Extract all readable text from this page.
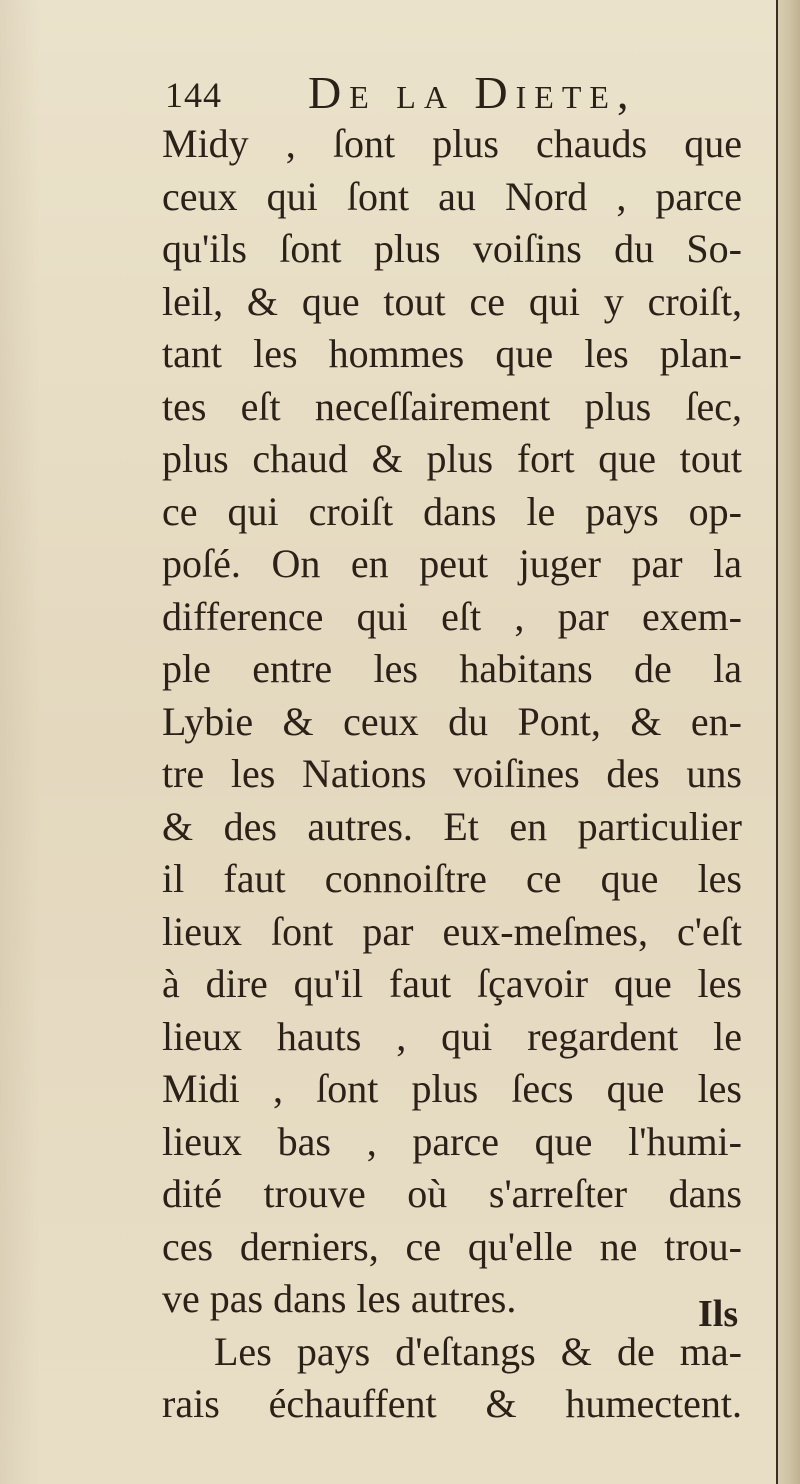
144 De la Diete,
Midy , ſont plus chauds que
ceux qui ſont au Nord , parce
qu'ils ſont plus voiſins du So-
leil, & que tout ce qui y croiſt,
tant les hommes que les plan-
tes eſt neceſſairement plus ſec,
plus chaud & plus fort que tout
ce qui croiſt dans le pays op-
poſé. On en peut juger par la
difference qui eſt , par exem-
ple entre les habitans de la
Lybie & ceux du Pont, & en-
tre les Nations voiſines des uns
& des autres. Et en particulier
il faut connoiſtre ce que les
lieux ſont par eux-meſmes, c'eſt
à dire qu'il faut ſçavoir que les
lieux hauts , qui regardent le
Midi , ſont plus ſecs que les
lieux bas , parce que l'humi-
dité trouve où s'arreſter dans
ces derniers, ce qu'elle ne trou-
ve pas dans les autres.
Les pays d'eſtangs & de ma-
rais échauffent & humectent.
Ils
